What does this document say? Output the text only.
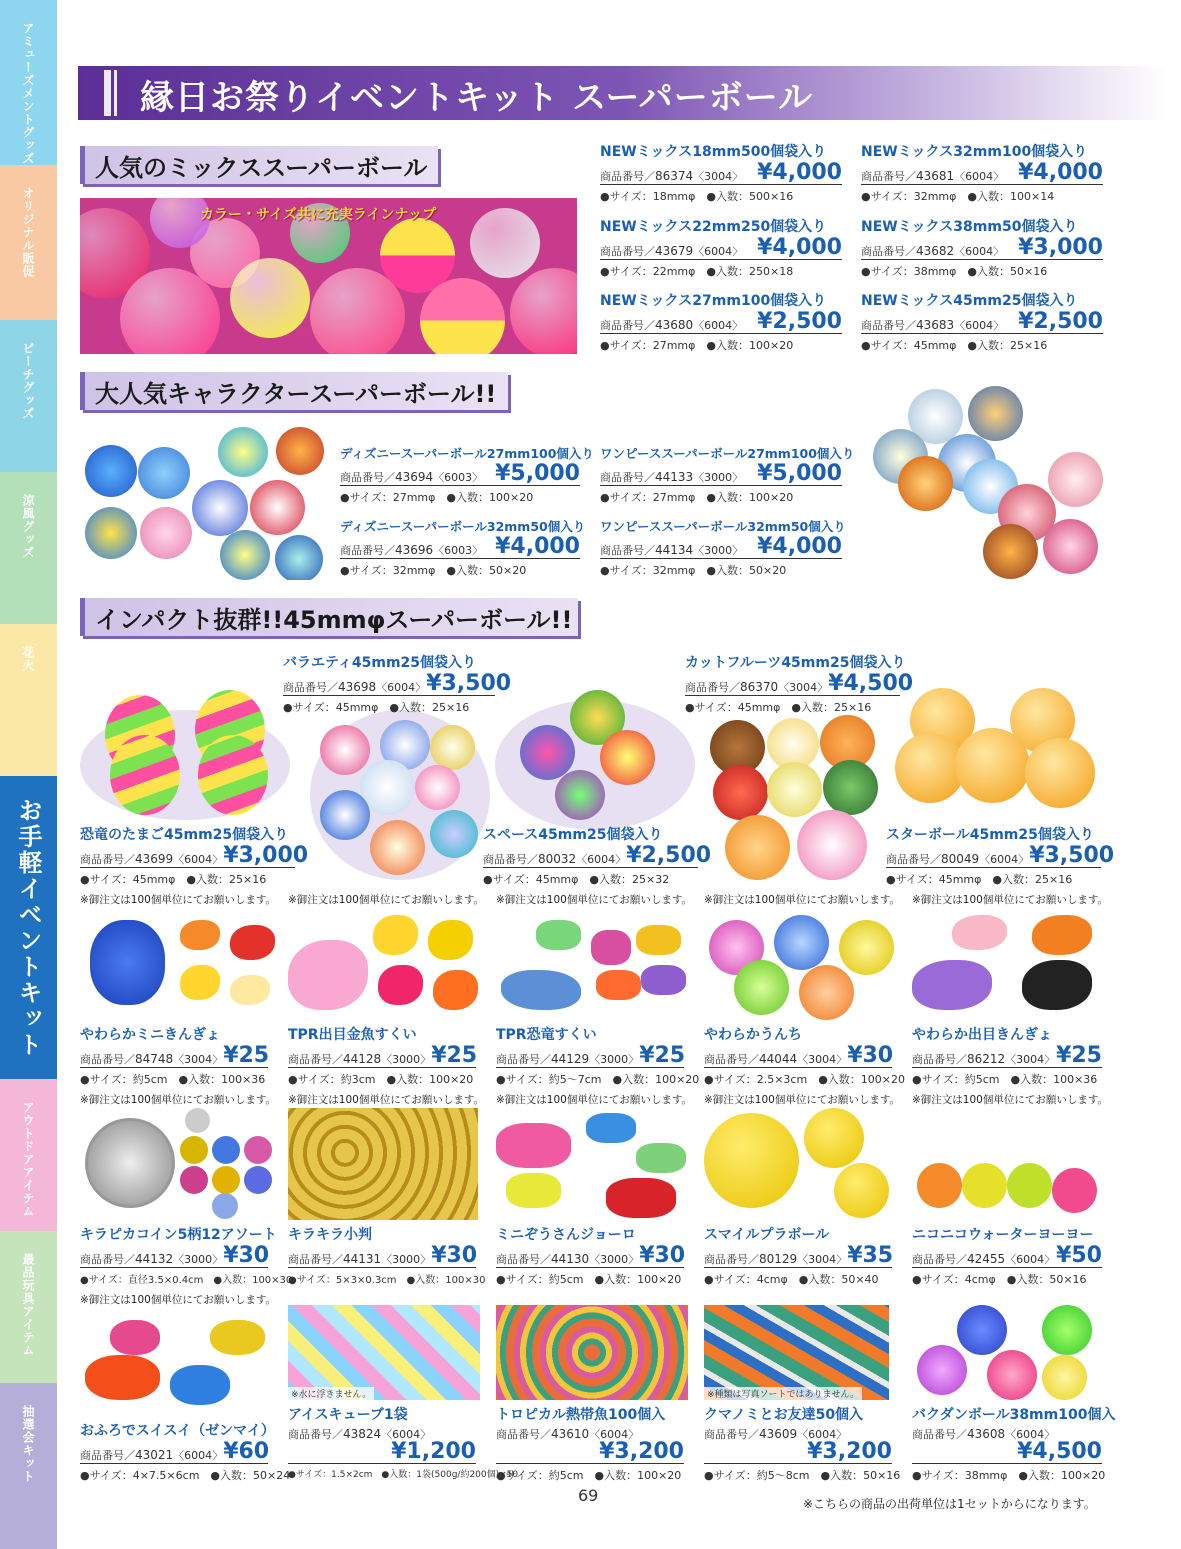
アミューズメントグッズ
オリジナル販促
ビーチグッズ
涼風グッズ
花火
お手軽イベントキット
アウトドアアイテム
最品玩具アイテム
抽選会キット
縁日お祭りイベントキット スーパーボール
人気のミックススーパーボール
カラー・サイズ共に充実ラインナップ
NEWミックス18mm500個袋入り
商品番号／86374〈3004〉 ¥4,000
●サイズ：18mmφ　 ●入数：500×16
NEWミックス32mm100個袋入り
商品番号／43681〈6004〉 ¥4,000
●サイズ：32mmφ　 ●入数：100×14
NEWミックス22mm250個袋入り
商品番号／43679〈6004〉 ¥4,000
●サイズ：22mmφ　 ●入数：250×18
NEWミックス38mm50個袋入り
商品番号／43682〈6004〉 ¥3,000
●サイズ：38mmφ　 ●入数：50×16
NEWミックス27mm100個袋入り
商品番号／43680〈6004〉 ¥2,500
●サイズ：27mmφ　 ●入数：100×20
NEWミックス45mm25個袋入り
商品番号／43683〈6004〉 ¥2,500
●サイズ：45mmφ　 ●入数：25×16
大人気キャラクタースーパーボール!!
ディズニースーパーボール27mm100個入り
商品番号／43694〈6003〉 ¥5,000
●サイズ：27mmφ　 ●入数：100×20
ワンピーススーパーボール27mm100個入り
商品番号／44133〈3000〉 ¥5,000
●サイズ：27mmφ　 ●入数：100×20
ディズニースーパーボール32mm50個入り
商品番号／43696〈6003〉 ¥4,000
●サイズ：32mmφ　 ●入数：50×20
ワンピーススーパーボール32mm50個入り
商品番号／44134〈3000〉 ¥4,000
●サイズ：32mmφ　 ●入数：50×20
インパクト抜群!!45mmφスーパーボール!!
バラエティ45mm25個袋入り
商品番号／43698〈6004〉 ¥3,500
●サイズ：45mmφ　 ●入数：25×16
カットフルーツ45mm25個袋入り
商品番号／86370〈3004〉 ¥4,500
●サイズ：45mmφ　 ●入数：25×16
恐竜のたまご45mm25個袋入り
商品番号／43699〈6004〉 ¥3,000
●サイズ：45mmφ　 ●入数：25×16
スペース45mm25個袋入り
商品番号／80032〈6004〉 ¥2,500
●サイズ：45mmφ　 ●入数：25×32
スターボール45mm25個袋入り
商品番号／80049〈6004〉 ¥3,500
●サイズ：45mmφ　 ●入数：25×16
※御注文は100個単位にてお願いします。 ※御注文は100個単位にてお願いします。 ※御注文は100個単位にてお願いします。 ※御注文は100個単位にてお願いします。 ※御注文は100個単位にてお願いします。
やわらかミニきんぎょ
商品番号／84748〈3004〉 ¥25
●サイズ：約5cm　●入数：100×36
TPR出目金魚すくい
商品番号／44128〈3000〉 ¥25
●サイズ：約3cm　●入数：100×20
TPR恐竜すくい
商品番号／44129〈3000〉 ¥25
●サイズ：約5〜7cm　●入数：100×20
やわらかうんち
商品番号／44044〈3004〉 ¥30
●サイズ：2.5×3cm　●入数：100×20
やわらか出目きんぎょ
商品番号／86212〈3004〉 ¥25
●サイズ：約5cm　●入数：100×36
※御注文は100個単位にてお願いします。 ※御注文は100個単位にてお願いします。 ※御注文は100個単位にてお願いします。 ※御注文は100個単位にてお願いします。 ※御注文は100個単位にてお願いします。
キラピカコイン5柄12アソート
商品番号／44132〈3000〉 ¥30
●サイズ：直径3.5×0.4cm　●入数：100×30
キラキラ小判
商品番号／44131〈3000〉 ¥30
●サイズ：5×3×0.3cm　●入数：100×30
ミニぞうさんジョーロ
商品番号／44130〈3000〉 ¥30
●サイズ：約5cm　●入数：100×20
スマイルプラボール
商品番号／80129〈3004〉 ¥35
●サイズ：4cmφ　●入数：50×40
ニコニコウォーターヨーヨー
商品番号／42455〈6004〉 ¥50
●サイズ：4cmφ　●入数：50×16
※御注文は100個単位にてお願いします。
※水に浮きません。	※種類は写真ソートではありません。
おふろでスイスイ（ゼンマイ）
商品番号／43021〈6004〉 ¥60
●サイズ：4×7.5×6cm　●入数：50×24
アイスキューブ1袋
商品番号／43824〈6004〉
¥1,200
●サイズ：1.5×2cm　●入数：1袋(500g/約200個)×50
トロピカル熱帯魚100個入
商品番号／43610〈6004〉
¥3,200
●サイズ：約5cm　●入数：100×20
クマノミとお友達50個入
商品番号／43609〈6004〉
¥3,200
●サイズ：約5〜8cm　●入数：50×16
バクダンボール38mm100個入
商品番号／43608〈6004〉
¥4,500
●サイズ：38mmφ　●入数：100×20
69	※こちらの商品の出荷単位は1セットからになります。
